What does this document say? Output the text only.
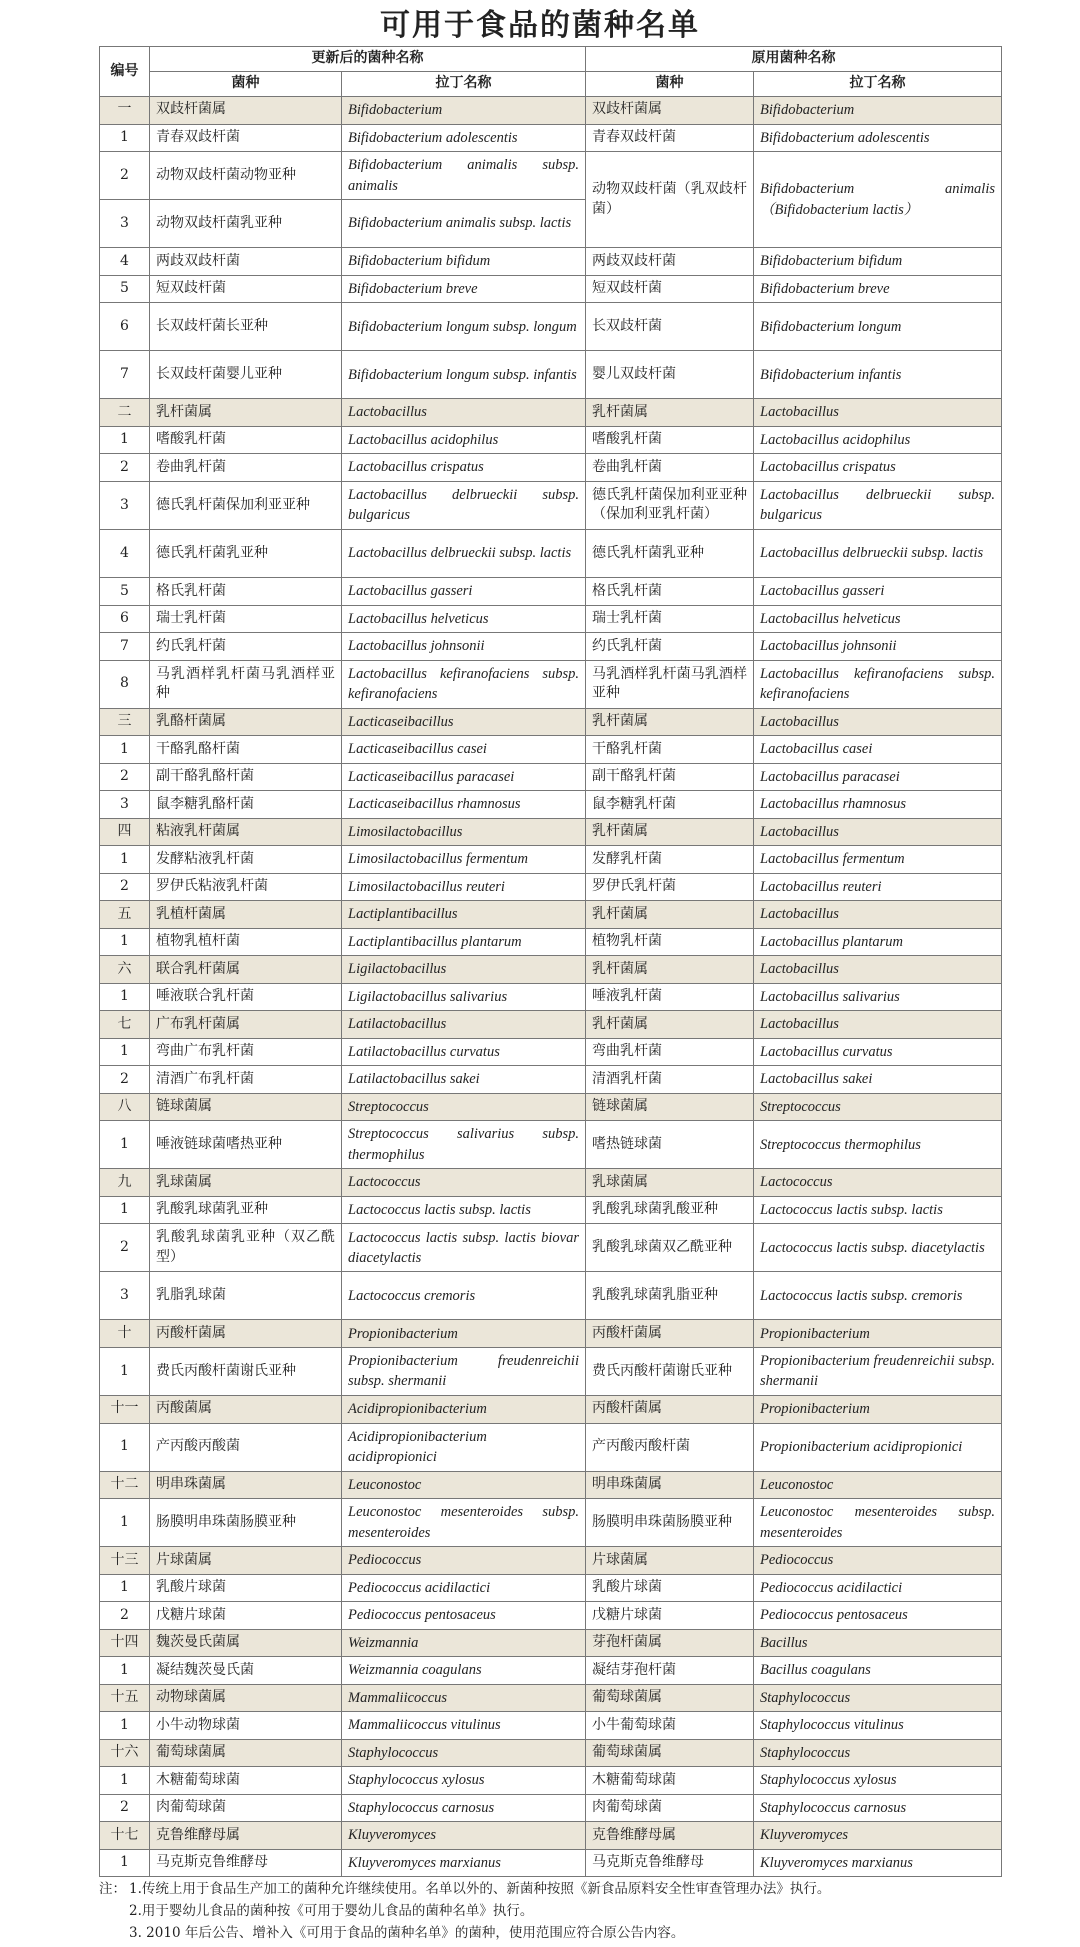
可用于食品的菌种名单
编号	更新后的菌种名称		原用菌种名称	
	菌种	拉丁名称	菌种	拉丁名称
一	双歧杆菌属	Bifidobacterium	双歧杆菌属	Bifidobacterium
1	青春双歧杆菌	Bifidobacterium adolescentis	青春双歧杆菌	Bifidobacterium adolescentis
2	动物双歧杆菌动物亚种	Bifidobacterium animalis subsp. animalis	动物双歧杆菌（乳双歧杆菌）	Bifidobacterium animalis （Bifidobacterium lactis）
3	动物双歧杆菌乳亚种	Bifidobacterium animalis subsp. lactis		
4	两歧双歧杆菌	Bifidobacterium bifidum	两歧双歧杆菌	Bifidobacterium bifidum
5	短双歧杆菌	Bifidobacterium breve	短双歧杆菌	Bifidobacterium breve
6	长双歧杆菌长亚种	Bifidobacterium longum subsp. longum	长双歧杆菌	Bifidobacterium longum
7	长双歧杆菌婴儿亚种	Bifidobacterium longum subsp. infantis	婴儿双歧杆菌	Bifidobacterium infantis
二	乳杆菌属	Lactobacillus	乳杆菌属	Lactobacillus
1	嗜酸乳杆菌	Lactobacillus acidophilus	嗜酸乳杆菌	Lactobacillus acidophilus
2	卷曲乳杆菌	Lactobacillus crispatus	卷曲乳杆菌	Lactobacillus crispatus
3	德氏乳杆菌保加利亚亚种	Lactobacillus delbrueckii subsp. bulgaricus	德氏乳杆菌保加利亚亚种（保加利亚乳杆菌）	Lactobacillus delbrueckii subsp. bulgaricus
4	德氏乳杆菌乳亚种	Lactobacillus delbrueckii subsp. lactis	德氏乳杆菌乳亚种	Lactobacillus delbrueckii subsp. lactis
5	格氏乳杆菌	Lactobacillus gasseri	格氏乳杆菌	Lactobacillus gasseri
6	瑞士乳杆菌	Lactobacillus helveticus	瑞士乳杆菌	Lactobacillus helveticus
7	约氏乳杆菌	Lactobacillus johnsonii	约氏乳杆菌	Lactobacillus johnsonii
8	马乳酒样乳杆菌马乳酒样亚种	Lactobacillus kefiranofaciens subsp. kefiranofaciens	马乳酒样乳杆菌马乳酒样亚种	Lactobacillus kefiranofaciens subsp. kefiranofaciens
三	乳酪杆菌属	Lacticaseibacillus	乳杆菌属	Lactobacillus
1	干酪乳酪杆菌	Lacticaseibacillus casei	干酪乳杆菌	Lactobacillus casei
2	副干酪乳酪杆菌	Lacticaseibacillus paracasei	副干酪乳杆菌	Lactobacillus paracasei
3	鼠李糖乳酪杆菌	Lacticaseibacillus rhamnosus	鼠李糖乳杆菌	Lactobacillus rhamnosus
四	粘液乳杆菌属	Limosilactobacillus	乳杆菌属	Lactobacillus
1	发酵粘液乳杆菌	Limosilactobacillus fermentum	发酵乳杆菌	Lactobacillus fermentum
2	罗伊氏粘液乳杆菌	Limosilactobacillus reuteri	罗伊氏乳杆菌	Lactobacillus reuteri
五	乳植杆菌属	Lactiplantibacillus	乳杆菌属	Lactobacillus
1	植物乳植杆菌	Lactiplantibacillus plantarum	植物乳杆菌	Lactobacillus plantarum
六	联合乳杆菌属	Ligilactobacillus	乳杆菌属	Lactobacillus
1	唾液联合乳杆菌	Ligilactobacillus salivarius	唾液乳杆菌	Lactobacillus salivarius
七	广布乳杆菌属	Latilactobacillus	乳杆菌属	Lactobacillus
1	弯曲广布乳杆菌	Latilactobacillus curvatus	弯曲乳杆菌	Lactobacillus curvatus
2	清酒广布乳杆菌	Latilactobacillus sakei	清酒乳杆菌	Lactobacillus sakei
八	链球菌属	Streptococcus	链球菌属	Streptococcus
1	唾液链球菌嗜热亚种	Streptococcus salivarius subsp. thermophilus	嗜热链球菌	Streptococcus thermophilus
九	乳球菌属	Lactococcus	乳球菌属	Lactococcus
1	乳酸乳球菌乳亚种	Lactococcus lactis subsp. lactis	乳酸乳球菌乳酸亚种	Lactococcus lactis subsp. lactis
2	乳酸乳球菌乳亚种（双乙酰型）	Lactococcus lactis subsp. lactis biovar diacetylactis	乳酸乳球菌双乙酰亚种	Lactococcus lactis subsp. diacetylactis
3	乳脂乳球菌	Lactococcus cremoris	乳酸乳球菌乳脂亚种	Lactococcus lactis subsp. cremoris
十	丙酸杆菌属	Propionibacterium	丙酸杆菌属	Propionibacterium
1	费氏丙酸杆菌谢氏亚种	Propionibacterium freudenreichii subsp. shermanii	费氏丙酸杆菌谢氏亚种	Propionibacterium freudenreichii subsp. shermanii
十一	丙酸菌属	Acidipropionibacterium	丙酸杆菌属	Propionibacterium
1	产丙酸丙酸菌	Acidipropionibacterium acidipropionici	产丙酸丙酸杆菌	Propionibacterium acidipropionici
十二	明串珠菌属	Leuconostoc	明串珠菌属	Leuconostoc
1	肠膜明串珠菌肠膜亚种	Leuconostoc mesenteroides subsp. mesenteroides	肠膜明串珠菌肠膜亚种	Leuconostoc mesenteroides subsp. mesenteroides
十三	片球菌属	Pediococcus	片球菌属	Pediococcus
1	乳酸片球菌	Pediococcus acidilactici	乳酸片球菌	Pediococcus acidilactici
2	戊糖片球菌	Pediococcus pentosaceus	戊糖片球菌	Pediococcus pentosaceus
十四	魏茨曼氏菌属	Weizmannia	芽孢杆菌属	Bacillus
1	凝结魏茨曼氏菌	Weizmannia coagulans	凝结芽孢杆菌	Bacillus coagulans
十五	动物球菌属	Mammaliicoccus	葡萄球菌属	Staphylococcus
1	小牛动物球菌	Mammaliicoccus vitulinus	小牛葡萄球菌	Staphylococcus vitulinus
十六	葡萄球菌属	Staphylococcus	葡萄球菌属	Staphylococcus
1	木糖葡萄球菌	Staphylococcus xylosus	木糖葡萄球菌	Staphylococcus xylosus
2	肉葡萄球菌	Staphylococcus carnosus	肉葡萄球菌	Staphylococcus carnosus
十七	克鲁维酵母属	Kluyveromyces	克鲁维酵母属	Kluyveromyces
1	马克斯克鲁维酵母	Kluyveromyces marxianus	马克斯克鲁维酵母	Kluyveromyces marxianus
注： 1.传统上用于食品生产加工的菌种允许继续使用。名单以外的、新菌种按照《新食品原料安全性审查管理办法》执行。
2.用于婴幼儿食品的菌种按《可用于婴幼儿食品的菌种名单》执行。
3. 2010 年后公告、增补入《可用于食品的菌种名单》的菌种，使用范围应符合原公告内容。
